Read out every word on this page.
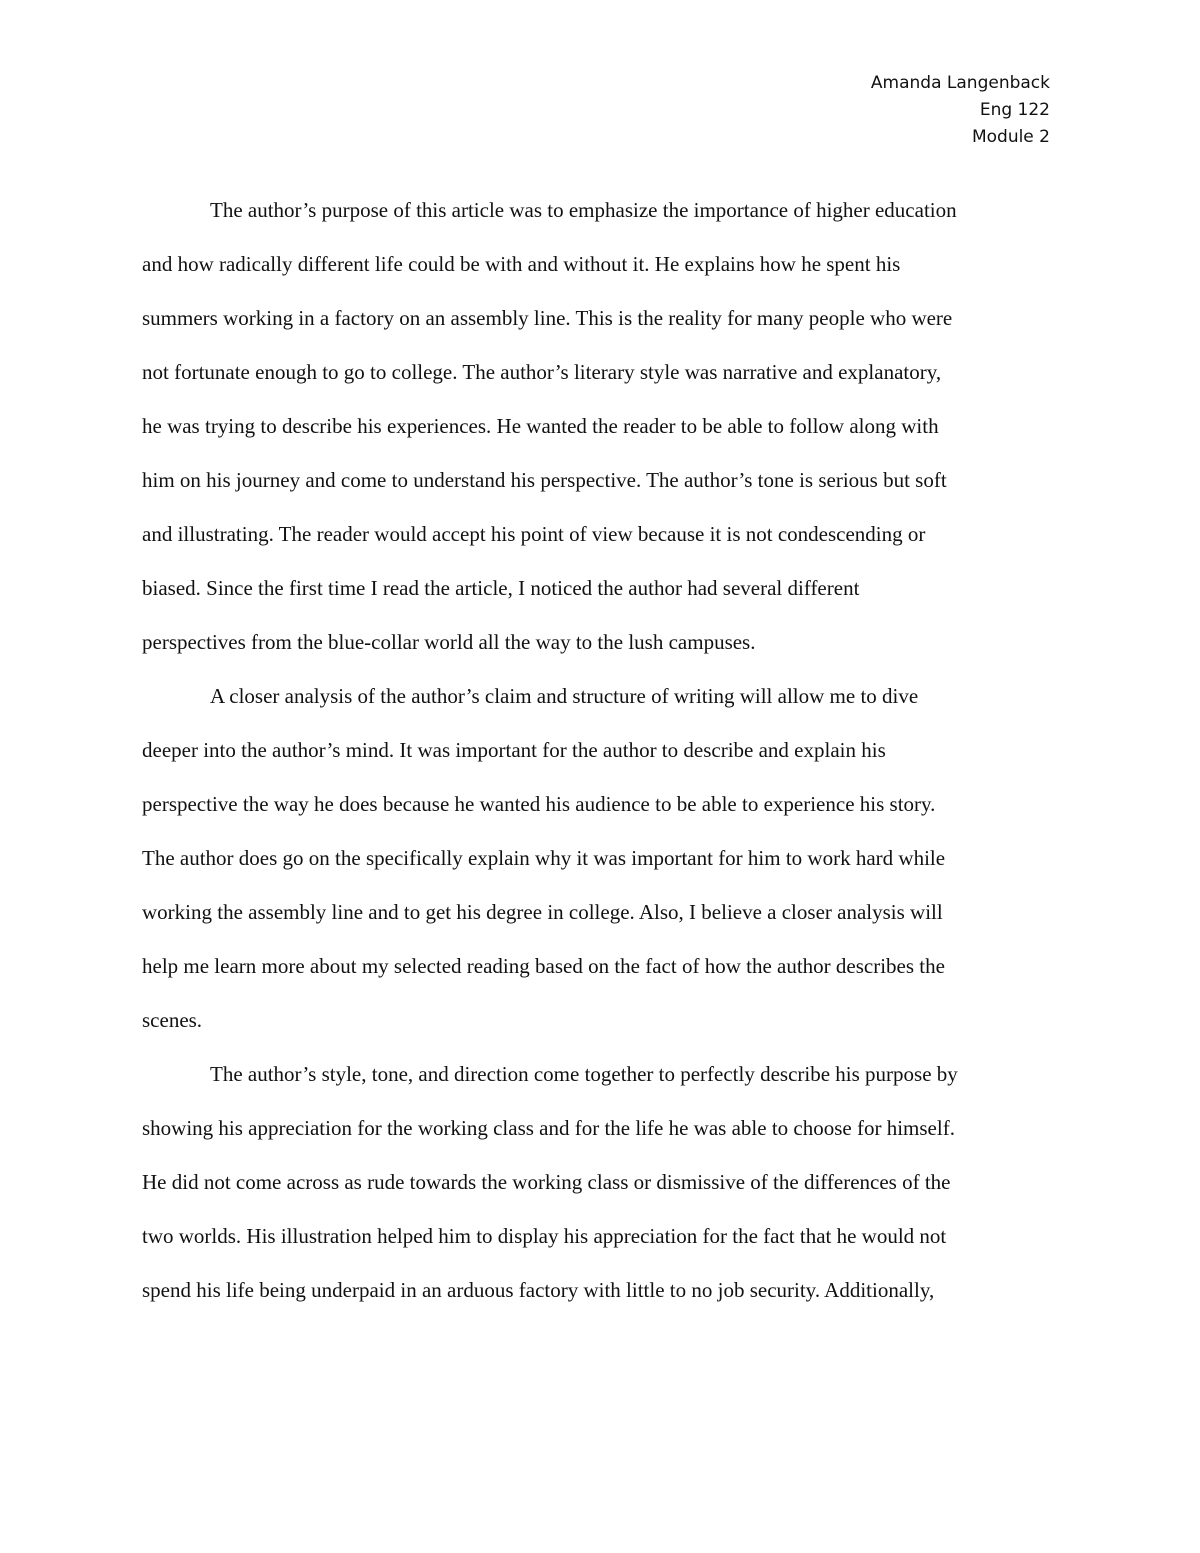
Amanda Langenback
Eng 122
Module 2
The author’s purpose of this article was to emphasize the importance of higher education
and how radically different life could be with and without it. He explains how he spent his
summers working in a factory on an assembly line. This is the reality for many people who were
not fortunate enough to go to college. The author’s literary style was narrative and explanatory,
he was trying to describe his experiences. He wanted the reader to be able to follow along with
him on his journey and come to understand his perspective. The author’s tone is serious but soft
and illustrating. The reader would accept his point of view because it is not condescending or
biased. Since the first time I read the article, I noticed the author had several different
perspectives from the blue-collar world all the way to the lush campuses.
A closer analysis of the author’s claim and structure of writing will allow me to dive
deeper into the author’s mind. It was important for the author to describe and explain his
perspective the way he does because he wanted his audience to be able to experience his story.
The author does go on the specifically explain why it was important for him to work hard while
working the assembly line and to get his degree in college. Also, I believe a closer analysis will
help me learn more about my selected reading based on the fact of how the author describes the
scenes.
The author’s style, tone, and direction come together to perfectly describe his purpose by
showing his appreciation for the working class and for the life he was able to choose for himself.
He did not come across as rude towards the working class or dismissive of the differences of the
two worlds. His illustration helped him to display his appreciation for the fact that he would not
spend his life being underpaid in an arduous factory with little to no job security. Additionally,
